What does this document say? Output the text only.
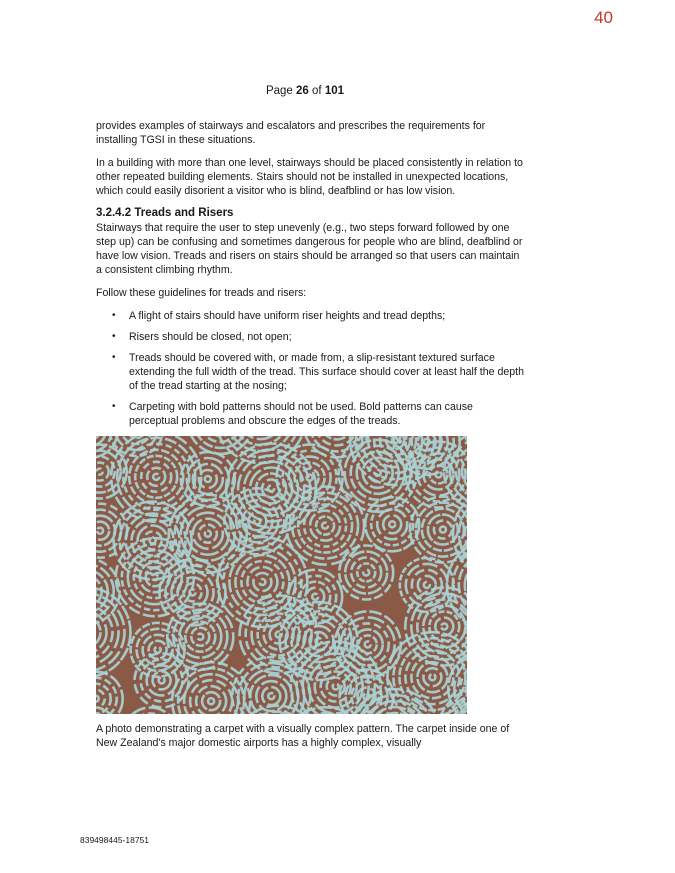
40
Page 26 of 101

provides examples of stairways and escalators and prescribes the requirements for installing TGSI in these situations.

In a building with more than one level, stairways should be placed consistently in relation to other repeated building elements. Stairs should not be installed in unexpected locations, which could easily disorient a visitor who is blind, deafblind or has low vision.

3.2.4.2 Treads and Risers

Stairways that require the user to step unevenly (e.g., two steps forward followed by one step up) can be confusing and sometimes dangerous for people who are blind, deafblind or have low vision. Treads and risers on stairs should be arranged so that users can maintain a consistent climbing rhythm.

Follow these guidelines for treads and risers:

• A flight of stairs should have uniform riser heights and tread depths;
• Risers should be closed, not open;
• Treads should be covered with, or made from, a slip-resistant textured surface extending the full width of the tread. This surface should cover at least half the depth of the tread starting at the nosing;
• Carpeting with bold patterns should not be used. Bold patterns can cause perceptual problems and obscure the edges of the treads.

A photo demonstrating a carpet with a visually complex pattern. The carpet inside one of New Zealand's major domestic airports has a highly complex, visually

839498445-18751
